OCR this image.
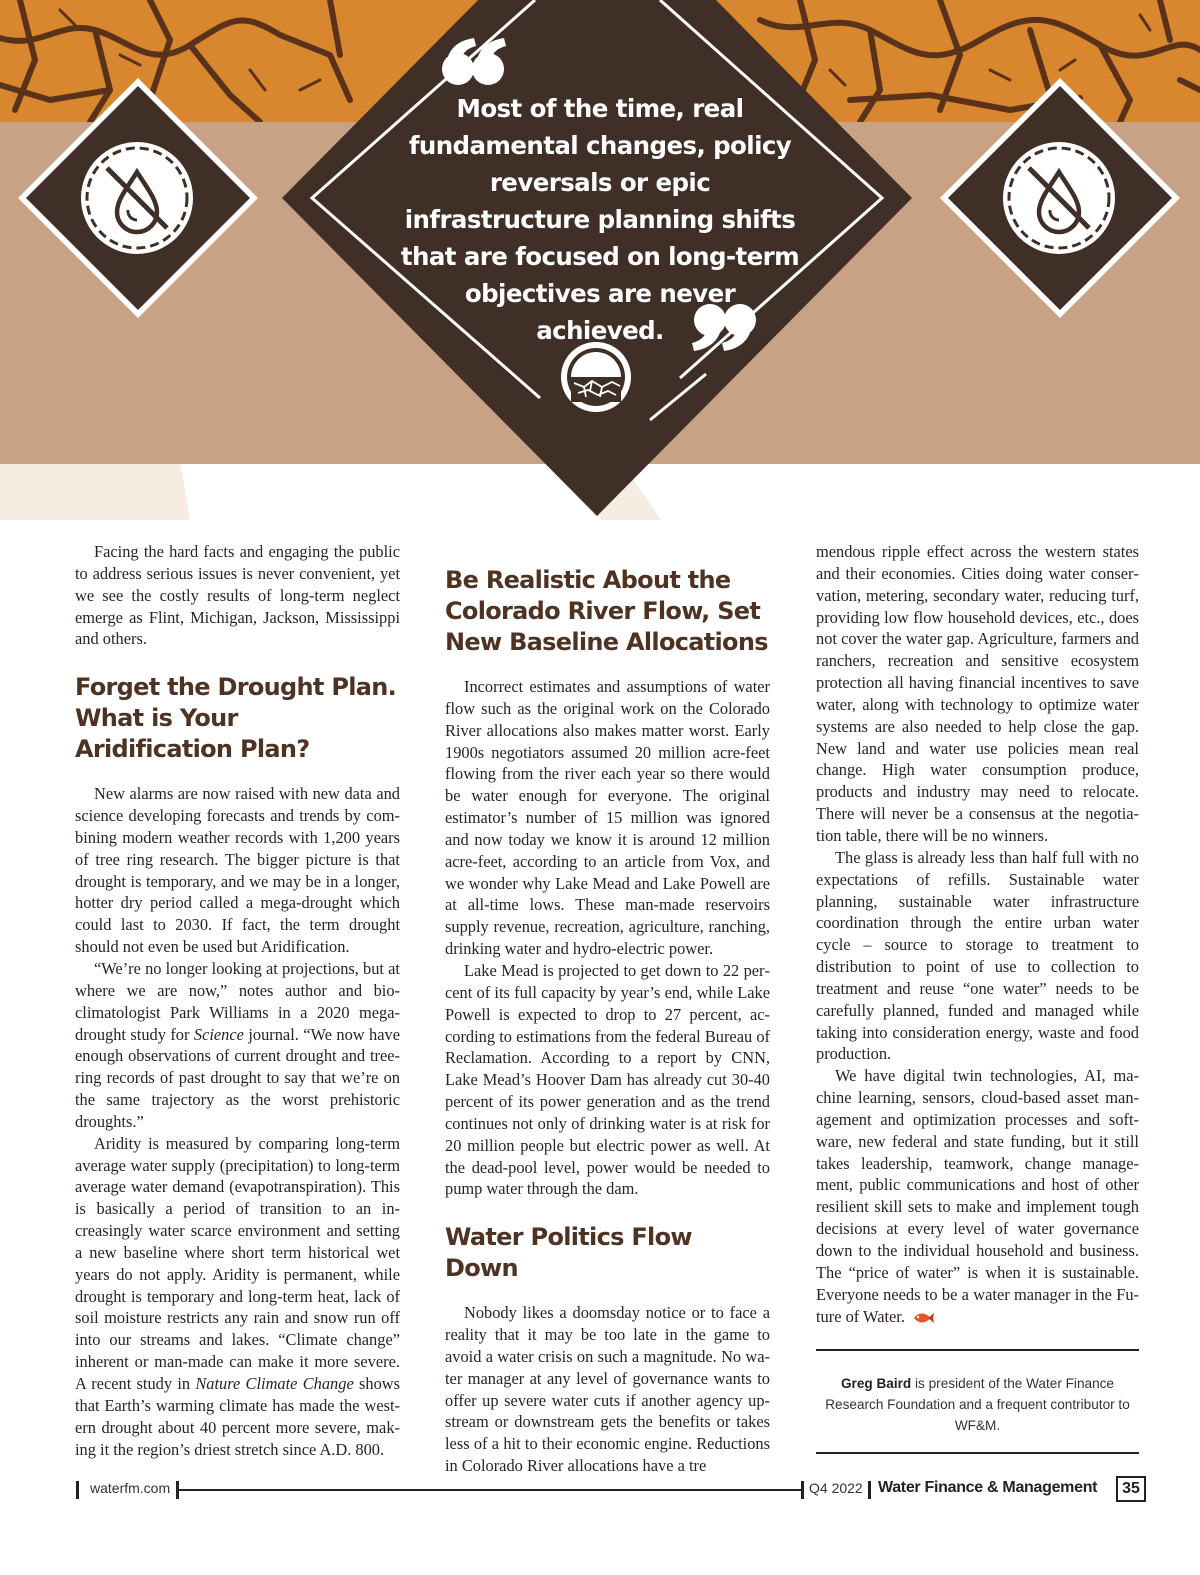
Most of the time, real fundamental changes, policy reversals or epic infrastructure planning shifts that are focused on long-term objectives are never achieved.

Facing the hard facts and engaging the public to address serious issues is never convenient, yet we see the costly results of long-term neglect emerge as Flint, Michigan, Jackson, Mississippi and others.

Forget the Drought Plan. What is Your Aridification Plan?

New alarms are now raised with new data and science developing forecasts and trends by combining modern weather records with 1,200 years of tree ring research. The bigger picture is that drought is temporary, and we may be in a longer, hotter dry period called a mega-drought which could last to 2030. If fact, the term drought should not even be used but Aridification.

“We’re no longer looking at projections, but at where we are now,” notes author and bioclimatologist Park Williams in a 2020 mega-drought study for Science journal. “We now have enough observations of current drought and tree-ring records of past drought to say that we’re on the same trajectory as the worst prehistoric droughts.”

Aridity is measured by comparing long-term average water supply (precipitation) to long-term average water demand (evapotranspiration). This is basically a period of transition to an increasingly water scarce environment and setting a new baseline where short term historical wet years do not apply. Aridity is permanent, while drought is temporary and long-term heat, lack of soil moisture restricts any rain and snow run off into our streams and lakes. “Climate change” inherent or man-made can make it more severe. A recent study in Nature Climate Change shows that Earth’s warming climate has made the western drought about 40 percent more severe, making it the region’s driest stretch since A.D. 800.

Be Realistic About the Colorado River Flow, Set New Baseline Allocations

Incorrect estimates and assumptions of water flow such as the original work on the Colorado River allocations also makes matter worst. Early 1900s negotiators assumed 20 million acre-feet flowing from the river each year so there would be water enough for everyone. The original estimator’s number of 15 million was ignored and now today we know it is around 12 million acre-feet, according to an article from Vox, and we wonder why Lake Mead and Lake Powell are at all-time lows. These man-made reservoirs supply revenue, recreation, agriculture, ranching, drinking water and hydro-electric power.

Lake Mead is projected to get down to 22 percent of its full capacity by year’s end, while Lake Powell is expected to drop to 27 percent, according to estimations from the federal Bureau of Reclamation. According to a report by CNN, Lake Mead’s Hoover Dam has already cut 30-40 percent of its power generation and as the trend continues not only of drinking water is at risk for 20 million people but electric power as well. At the dead-pool level, power would be needed to pump water through the dam.

Water Politics Flow Down

Nobody likes a doomsday notice or to face a reality that it may be too late in the game to avoid a water crisis on such a magnitude. No water manager at any level of governance wants to offer up severe water cuts if another agency upstream or downstream gets the benefits or takes less of a hit to their economic engine. Reductions in Colorado River allocations have a tre

mendous ripple effect across the western states and their economies. Cities doing water conservation, metering, secondary water, reducing turf, providing low flow household devices, etc., does not cover the water gap. Agriculture, farmers and ranchers, recreation and sensitive ecosystem protection all having financial incentives to save water, along with technology to optimize water systems are also needed to help close the gap. New land and water use policies mean real change. High water consumption produce, products and industry may need to relocate. There will never be a consensus at the negotiation table, there will be no winners.

The glass is already less than half full with no expectations of refills. Sustainable water planning, sustainable water infrastructure coordination through the entire urban water cycle – source to storage to treatment to distribution to point of use to collection to treatment and reuse “one water” needs to be carefully planned, funded and managed while taking into consideration energy, waste and food production.

We have digital twin technologies, AI, machine learning, sensors, cloud-based asset management and optimization processes and software, new federal and state funding, but it still takes leadership, teamwork, change management, public communications and host of other resilient skill sets to make and implement tough decisions at every level of water governance down to the individual household and business. The “price of water” is when it is sustainable. Everyone needs to be a water manager in the Future of Water.

Greg Baird is president of the Water Finance Research Foundation and a frequent contributor to WF&M.
waterfm.com	Q4 2022 Water Finance & Management	35
